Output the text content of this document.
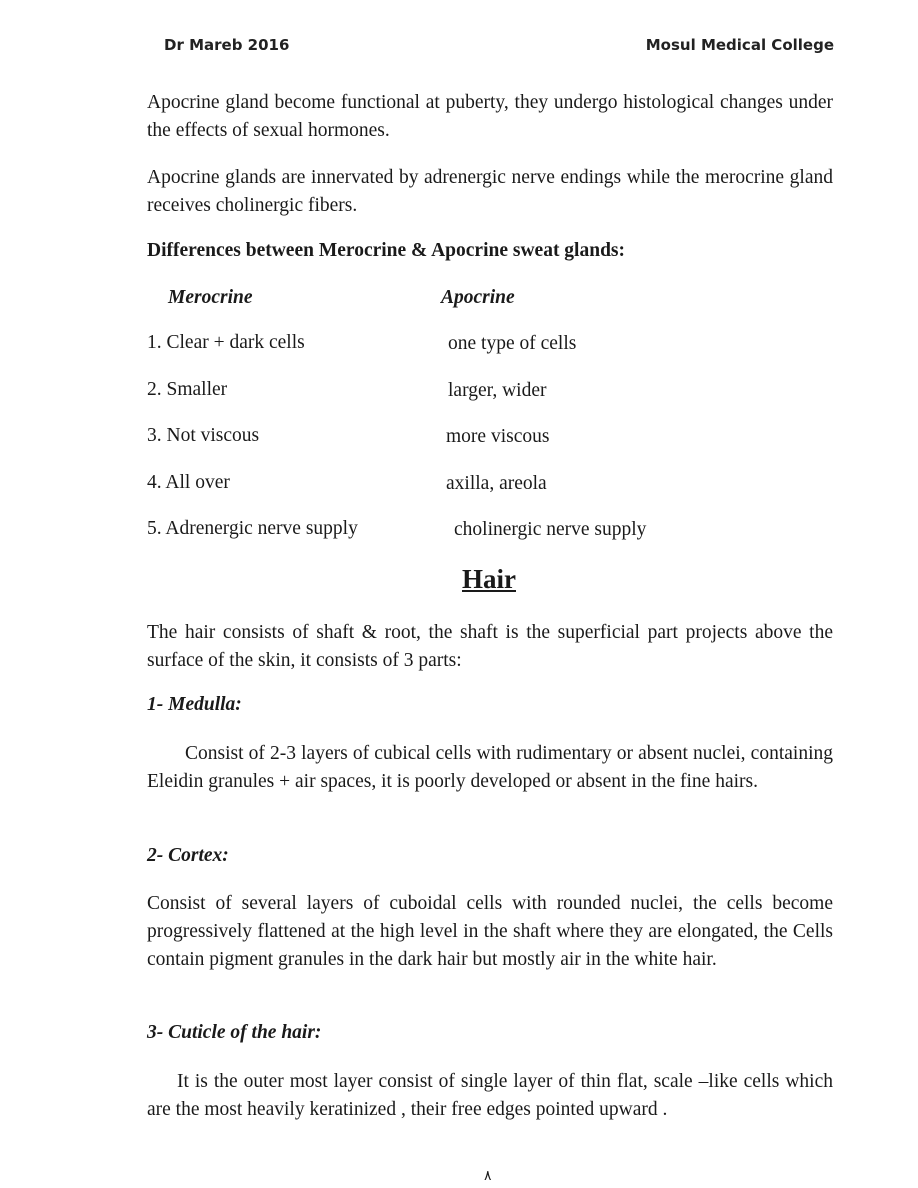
Dr Mareb 2016	Mosul Medical College

Apocrine gland become functional at puberty, they undergo histological changes under the effects of sexual hormones.

Apocrine glands are innervated by adrenergic nerve endings while the merocrine gland receives cholinergic fibers.

Differences between Merocrine & Apocrine sweat glands:
Merocrine	Apocrine
1. Clear + dark cells	one type of cells
2. Smaller	larger, wider
3. Not viscous	more viscous
4. All over	axilla, areola
5. Adrenergic nerve supply	cholinergic nerve supply
Hair

The hair consists of shaft & root, the shaft is the superficial part projects above the surface of the skin, it consists of 3 parts:

1- Medulla:

Consist of 2-3 layers of cubical cells with rudimentary or absent nuclei, containing Eleidin granules + air spaces, it is poorly developed or absent in the fine hairs.

2- Cortex:

Consist of several layers of cuboidal cells with rounded nuclei, the cells become progressively flattened at the high level in the shaft where they are elongated, the Cells contain pigment granules in the dark hair but mostly air in the white hair.

3- Cuticle of the hair:

It is the outer most layer consist of single layer of thin flat, scale –like cells which are the most heavily keratinized , their free edges pointed upward .

٨
